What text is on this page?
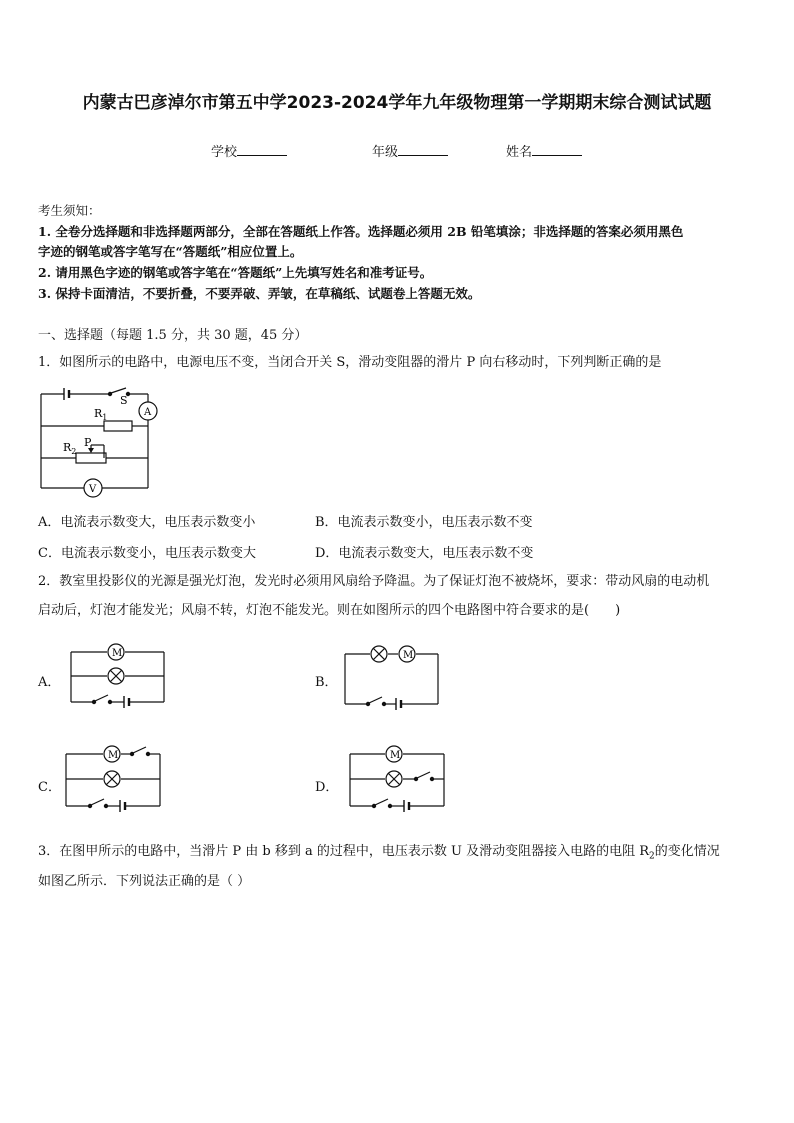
内蒙古巴彦淖尔市第五中学2023-2024学年九年级物理第一学期期末综合测试试题
学校	年级	姓名
考生须知：
1. 全卷分选择题和非选择题两部分，全部在答题纸上作答。选择题必须用 2B 铅笔填涂；非选择题的答案必须用黑色
字迹的钢笔或答字笔写在“答题纸”相应位置上。
2. 请用黑色字迹的钢笔或答字笔在“答题纸”上先填写姓名和准考证号。
3. 保持卡面清洁，不要折叠，不要弄破、弄皱，在草稿纸、试题卷上答题无效。
一、选择题（每题 1.5 分，共 30 题，45 分）
1．如图所示的电路中，电源电压不变，当闭合开关 S，滑动变阻器的滑片 P 向右移动时，下列判断正确的是
S
$R_1$
$R_2$
P
A
V
A．电流表示数变大，电压表示数变小	B．电流表示数变小，电压表示数不变
C．电流表示数变小，电压表示数变大	D．电流表示数变大，电压表示数不变
2．教室里投影仪的光源是强光灯泡，发光时必须用风扇给予降温。为了保证灯泡不被烧坏，要求：带动风扇的电动机
启动后，灯泡才能发光；风扇不转，灯泡不能发光。则在如图所示的四个电路图中符合要求的是(　　)
A．
M
B．
M
C．
M
D．
M
3．在图甲所示的电路中，当滑片 P 由 b 移到 a 的过程中，电压表示数 U 及滑动变阻器接入电路的电阻 $R_2$的变化情况
如图乙所示．下列说法正确的是（ ）
